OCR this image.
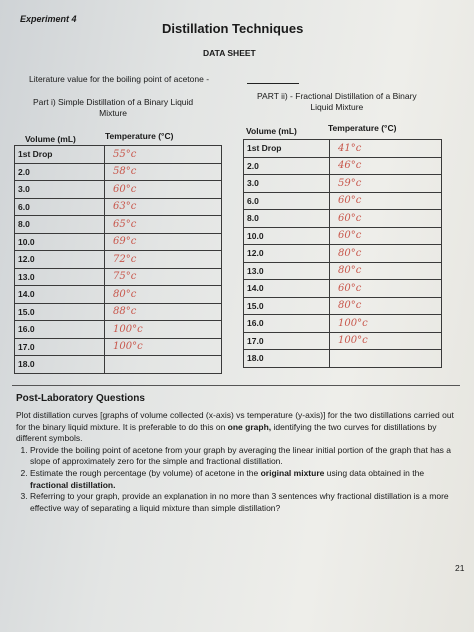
Experiment 4
Distillation Techniques
DATA SHEET
Literature value for the boiling point of acetone -
Part i) Simple Distillation of a Binary Liquid
Mixture
PART ii) - Fractional Distillation of a Binary
Liquid Mixture
Volume (mL)	Temperature (°C)	Volume (mL)	Temperature (°C)
1st Drop	55°c
2.0	58°c
3.0	60°c
6.0	63°c
8.0	65°c
10.0	69°c
12.0	72°c
13.0	75°c
14.0	80°c
15.0	88°c
16.0	100°c
17.0	100°c
18.0	
1st Drop	41°c
2.0	46°c
3.0	59°c
6.0	60°c
8.0	60°c
10.0	60°c
12.0	80°c
13.0	80°c
14.0	60°c
15.0	80°c
16.0	100°c
17.0	100°c
18.0	
Post-Laboratory Questions

Plot distillation curves [graphs of volume collected (x-axis) vs temperature (y-axis)] for the two distillations carried out for the binary liquid mixture. It is preferable to do this on one graph, identifying the two curves for distillations by different symbols.

1. Provide the boiling point of acetone from your graph by averaging the linear initial portion of the graph that has a slope of approximately zero for the simple and fractional distillation.
2. Estimate the rough percentage (by volume) of acetone in the original mixture using data obtained in the fractional distillation.
3. Referring to your graph, provide an explanation in no more than 3 sentences why fractional distillation is a more effective way of separating a liquid mixture than simple distillation?
21
